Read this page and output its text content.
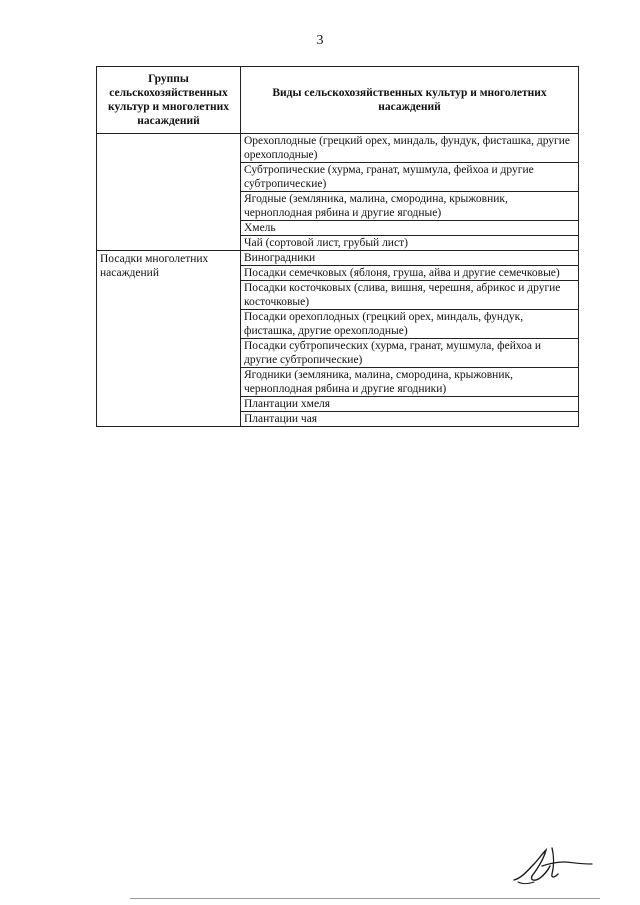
3
Группы сельскохозяйственных культур и многолетних насаждений	Виды сельскохозяйственных культур и многолетних насаждений
	Орехоплодные (грецкий орех, миндаль, фундук, фисташка, другие орехоплодные)
	Субтропические (хурма, гранат, мушмула, фейхоа и другие субтропические)
	Ягодные (земляника, малина, смородина, крыжовник, черноплодная рябина и другие ягодные)
	Хмель
	Чай (сортовой лист, грубый лист)
Посадки многолетних насаждений	Виноградники
	Посадки семечковых (яблоня, груша, айва и другие семечковые)
	Посадки косточковых (слива, вишня, черешня, абрикос и другие косточковые)
	Посадки орехоплодных (грецкий орех, миндаль, фундук, фисташка, другие орехоплодные)
	Посадки субтропических (хурма, гранат, мушмула, фейхоа и другие субтропические)
	Ягодники (земляника, малина, смородина, крыжовник, черноплодная рябина и другие ягодники)
	Плантации хмеля
	Плантации чая
